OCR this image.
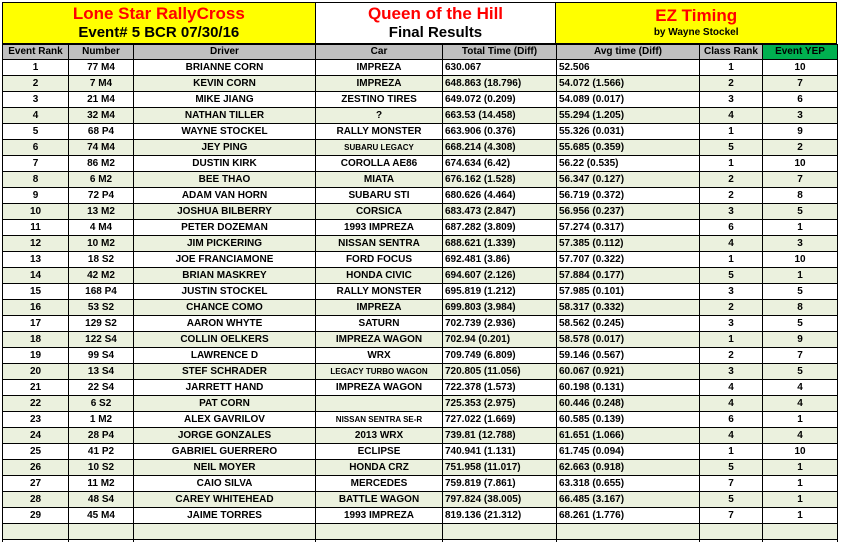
Lone Star RallyCross
Event# 5 BCR 07/30/16
Queen of the Hill
Final Results
EZ Timing
by Wayne Stockel
Event Rank	Number	Driver	Car	Total Time (Diff)	Avg time (Diff)	Class Rank	Event YEP
1	77 M4	BRIANNE CORN	IMPREZA	630.067	52.506	1	10
2	7 M4	KEVIN CORN	IMPREZA	648.863 (18.796)	54.072 (1.566)	2	7
3	21 M4	MIKE JIANG	ZESTINO TIRES	649.072 (0.209)	54.089 (0.017)	3	6
4	32 M4	NATHAN TILLER	?	663.53 (14.458)	55.294 (1.205)	4	3
5	68 P4	WAYNE STOCKEL	RALLY MONSTER	663.906 (0.376)	55.326 (0.031)	1	9
6	74 M4	JEY PING	SUBARU LEGACY	668.214 (4.308)	55.685 (0.359)	5	2
7	86 M2	DUSTIN KIRK	COROLLA AE86	674.634 (6.42)	56.22 (0.535)	1	10
8	6 M2	BEE THAO	MIATA	676.162 (1.528)	56.347 (0.127)	2	7
9	72 P4	ADAM VAN HORN	SUBARU STI	680.626 (4.464)	56.719 (0.372)	2	8
10	13 M2	JOSHUA BILBERRY	CORSICA	683.473 (2.847)	56.956 (0.237)	3	5
11	4 M4	PETER DOZEMAN	1993 IMPREZA	687.282 (3.809)	57.274 (0.317)	6	1
12	10 M2	JIM PICKERING	NISSAN SENTRA	688.621 (1.339)	57.385 (0.112)	4	3
13	18 S2	JOE FRANCIAMONE	FORD FOCUS	692.481 (3.86)	57.707 (0.322)	1	10
14	42 M2	BRIAN MASKREY	HONDA CIVIC	694.607 (2.126)	57.884 (0.177)	5	1
15	168 P4	JUSTIN STOCKEL	RALLY MONSTER	695.819 (1.212)	57.985 (0.101)	3	5
16	53 S2	CHANCE COMO	IMPREZA	699.803 (3.984)	58.317 (0.332)	2	8
17	129 S2	AARON WHYTE	SATURN	702.739 (2.936)	58.562 (0.245)	3	5
18	122 S4	COLLIN OELKERS	IMPREZA WAGON	702.94 (0.201)	58.578 (0.017)	1	9
19	99 S4	LAWRENCE D	WRX	709.749 (6.809)	59.146 (0.567)	2	7
20	13 S4	STEF SCHRADER	LEGACY TURBO WAGON	720.805 (11.056)	60.067 (0.921)	3	5
21	22 S4	JARRETT HAND	IMPREZA WAGON	722.378 (1.573)	60.198 (0.131)	4	4
22	6 S2	PAT CORN		725.353 (2.975)	60.446 (0.248)	4	4
23	1 M2	ALEX GAVRILOV	NISSAN SENTRA SE-R	727.022 (1.669)	60.585 (0.139)	6	1
24	28 P4	JORGE GONZALES	2013 WRX	739.81 (12.788)	61.651 (1.066)	4	4
25	41 P2	GABRIEL GUERRERO	ECLIPSE	740.941 (1.131)	61.745 (0.094)	1	10
26	10 S2	NEIL MOYER	HONDA CRZ	751.958 (11.017)	62.663 (0.918)	5	1
27	11 M2	CAIO SILVA	MERCEDES	759.819 (7.861)	63.318 (0.655)	7	1
28	48 S4	CAREY WHITEHEAD	BATTLE WAGON	797.824 (38.005)	66.485 (3.167)	5	1
29	45 M4	JAIME TORRES	1993 IMPREZA	819.136 (21.312)	68.261 (1.776)	7	1
